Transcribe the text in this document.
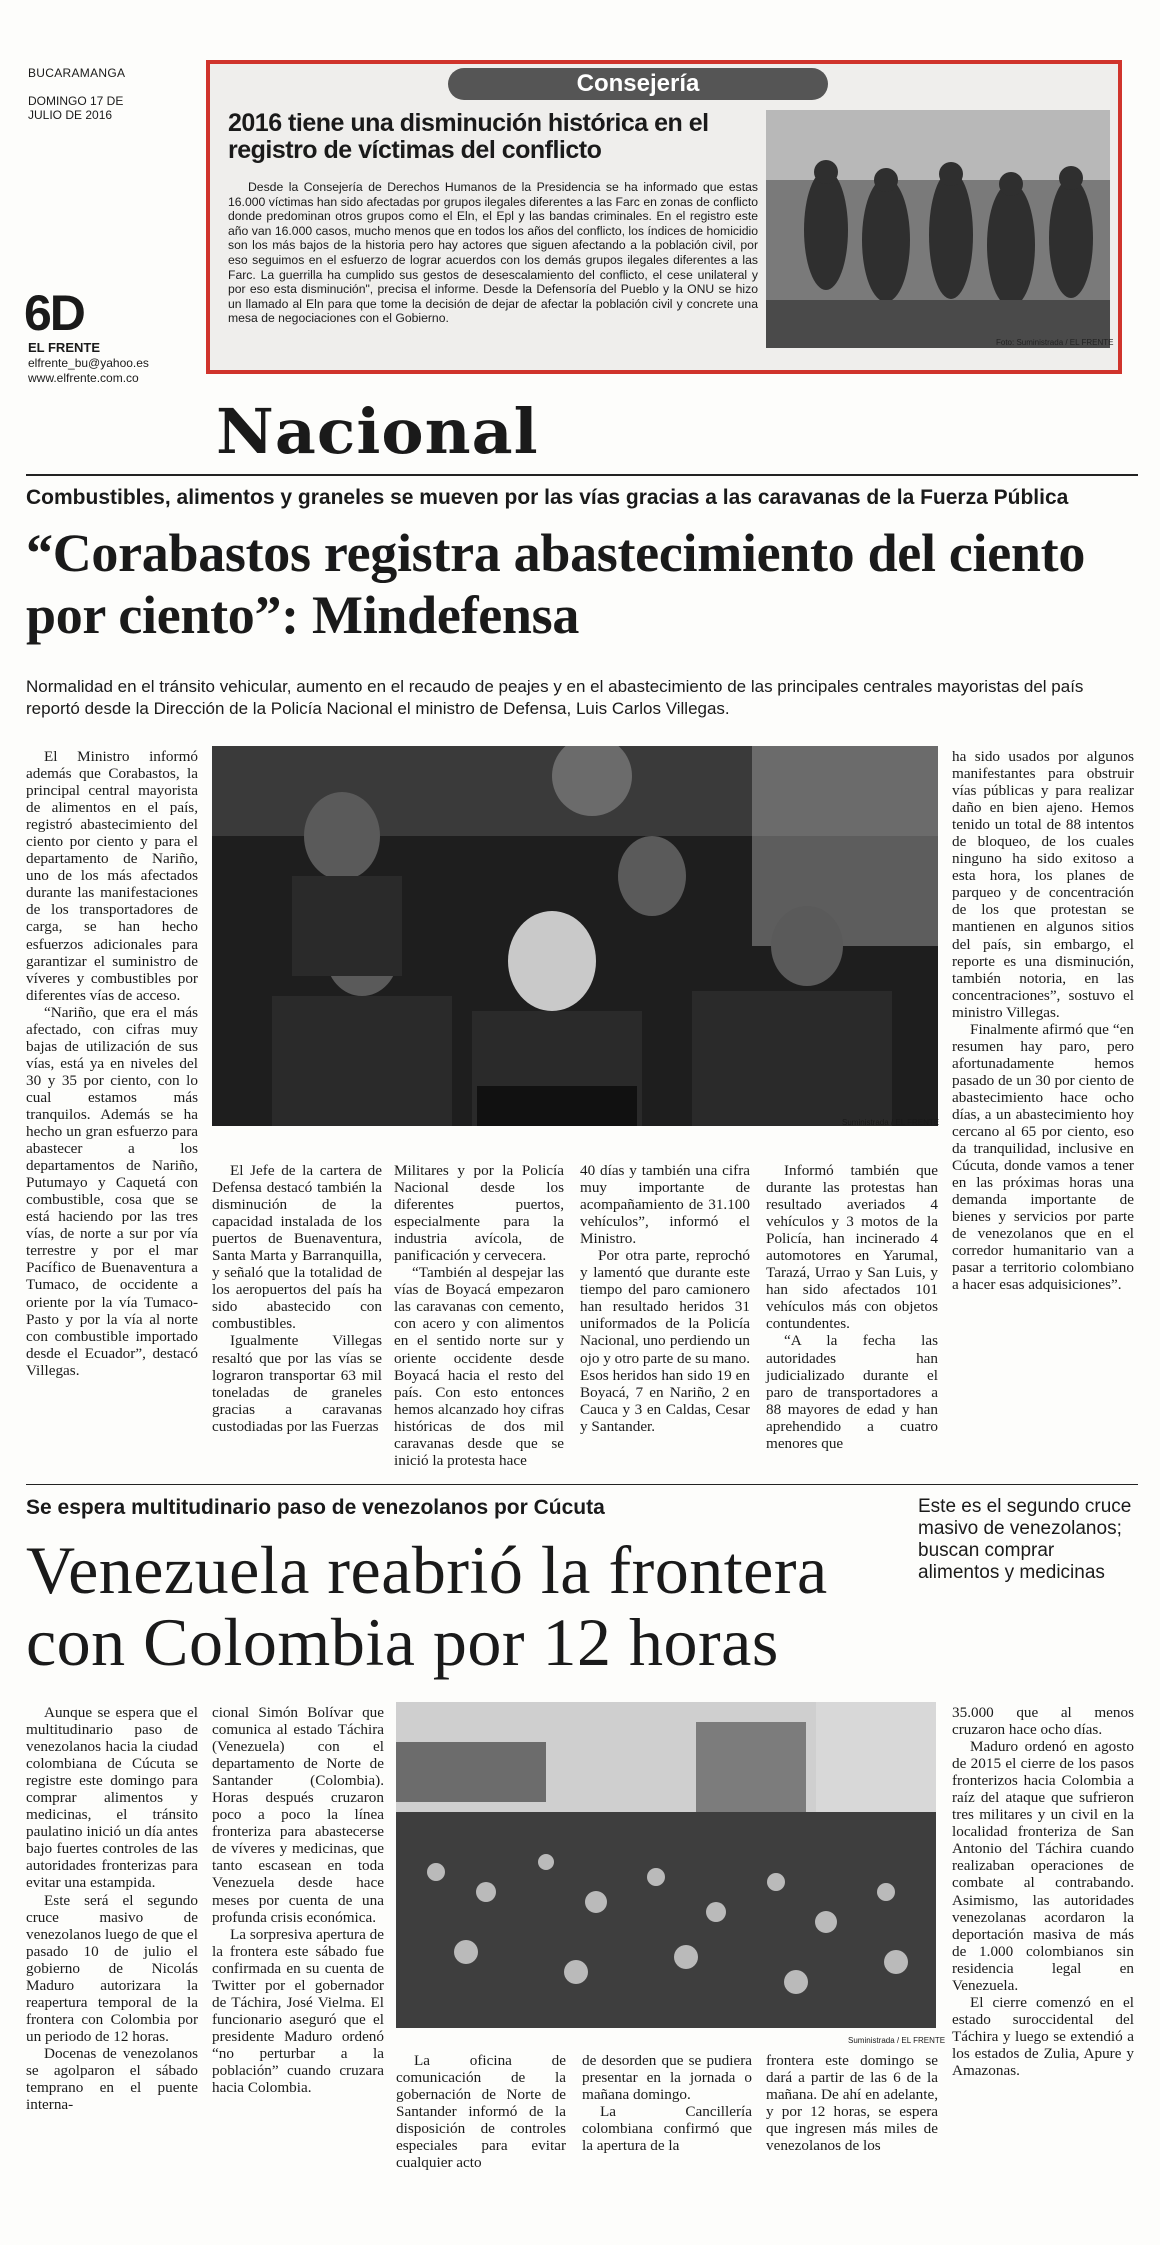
BUCARAMANGA
DOMINGO 17 DE JULIO DE 2016
6D
EL FRENTE
elfrente_bu@yahoo.es
www.elfrente.com.co
Consejería
2016 tiene una disminución histórica en el registro de víctimas del conflicto
Desde la Consejería de Derechos Humanos de la Presidencia se ha informado que estas 16.000 víctimas han sido afectadas por grupos ilegales diferentes a las Farc en zonas de conflicto donde predominan otros grupos como el Eln, el Epl y las bandas criminales. En el registro este año van 16.000 casos, mucho menos que en todos los años del conflicto, los índices de homicidio son los más bajos de la historia pero hay actores que siguen afectando a la población civil, por eso seguimos en el esfuerzo de lograr acuerdos con los demás grupos ilegales diferentes a las Farc. La guerrilla ha cumplido sus gestos de desescalamiento del conflicto, el cese unilateral y por eso esta disminución", precisa el informe. Desde la Defensoría del Pueblo y la ONU se hizo un llamado al Eln para que tome la decisión de dejar de afectar la población civil y concrete una mesa de negociaciones con el Gobierno.
Foto: Suministrada / EL FRENTE
Nacional
Combustibles, alimentos y graneles se mueven por las vías gracias a las caravanas de la Fuerza Pública
“Corabastos registra abastecimiento del ciento por ciento”: Mindefensa
Normalidad en el tránsito vehicular, aumento en el recaudo de peajes y en el abastecimiento de las principales centrales mayoristas del país reportó desde la Dirección de la Policía Nacional el ministro de Defensa, Luis Carlos Villegas.

El Ministro informó además que Corabastos, la principal central mayorista de alimentos en el país, registró abastecimiento del ciento por ciento y para el departamento de Nariño, uno de los más afectados durante las manifestaciones de los transportadores de carga, se han hecho esfuerzos adicionales para garantizar el suministro de víveres y combustibles por diferentes vías de acceso.

“Nariño, que era el más afectado, con cifras muy bajas de utilización de sus vías, está ya en niveles del 30 y 35 por ciento, con lo cual estamos más tranquilos. Además se ha hecho un gran esfuerzo para abastecer a los departamentos de Nariño, Putumayo y Caquetá con combustible, cosa que se está haciendo por las tres vías, de norte a sur por vía terrestre y por el mar Pacífico de Buenaventura a Tumaco, de occidente a oriente por la vía Tumaco-Pasto y por la vía al norte con combustible importado desde el Ecuador”, destacó Villegas.

Suministrada / EL FRENTE

ha sido usados por algunos manifestantes para obstruir vías públicas y para realizar daño en bien ajeno. Hemos tenido un total de 88 intentos de bloqueo, de los cuales ninguno ha sido exitoso a esta hora, los planes de parqueo y de concentración de los que protestan se mantienen en algunos sitios del país, sin embargo, el reporte es una disminución, también notoria, en las concentraciones”, sostuvo el ministro Villegas.

Finalmente afirmó que “en resumen hay paro, pero afortunadamente hemos pasado de un 30 por ciento de abastecimiento hace ocho días, a un abastecimiento hoy cercano al 65 por ciento, eso da tranquilidad, inclusive en Cúcuta, donde vamos a tener en las próximas horas una demanda importante de bienes y servicios por parte de venezolanos que en el corredor humanitario van a pasar a territorio colombiano a hacer esas adquisiciones”.

El Jefe de la cartera de Defensa destacó también la disminución de la capacidad instalada de los puertos de Buenaventura, Santa Marta y Barranquilla, y señaló que la totalidad de los aeropuertos del país ha sido abastecido con combustibles.

Igualmente Villegas resaltó que por las vías se lograron transportar 63 mil toneladas de graneles gracias a caravanas custodiadas por las Fuerzas

Militares y por la Policía Nacional desde los diferentes puertos, especialmente para la industria avícola, de panificación y cervecera.

“También al despejar las vías de Boyacá empezaron las caravanas con cemento, con acero y con alimentos en el sentido norte sur y oriente occidente desde Boyacá hacia el resto del país. Con esto entonces hemos alcanzado hoy cifras históricas de dos mil caravanas desde que se inició la protesta hace

40 días y también una cifra muy importante de acompañamiento de 31.100 vehículos”, informó el Ministro.

Por otra parte, reprochó y lamentó que durante este tiempo del paro camionero han resultado heridos 31 uniformados de la Policía Nacional, uno perdiendo un ojo y otro parte de su mano. Esos heridos han sido 19 en Boyacá, 7 en Nariño, 2 en Cauca y 3 en Caldas, Cesar y Santander.

Informó también que durante las protestas han resultado averiados 4 vehículos y 3 motos de la Policía, han incinerado 4 automotores en Yarumal, Tarazá, Urrao y San Luis, y han sido afectados 101 vehículos más con objetos contundentes.

“A la fecha las autoridades han judicializado durante el paro de transportadores a 88 mayores de edad y han aprehendido a cuatro menores que

Se espera multitudinario paso de venezolanos por Cúcuta
Venezuela reabrió la frontera con Colombia por 12 horas
Este es el segundo cruce masivo de venezolanos; buscan comprar alimentos y medicinas

Aunque se espera que el multitudinario paso de venezolanos hacia la ciudad colombiana de Cúcuta se registre este domingo para comprar alimentos y medicinas, el tránsito paulatino inició un día antes bajo fuertes controles de las autoridades fronterizas para evitar una estampida.

Este será el segundo cruce masivo de venezolanos luego de que el pasado 10 de julio el gobierno de Nicolás Maduro autorizara la reapertura temporal de la frontera con Colombia por un periodo de 12 horas.

Docenas de venezolanos se agolparon el sábado temprano en el puente interna-

cional Simón Bolívar que comunica al estado Táchira (Venezuela) con el departamento de Norte de Santander (Colombia). Horas después cruzaron poco a poco la línea fronteriza para abastecerse de víveres y medicinas, que tanto escasean en toda Venezuela desde hace meses por cuenta de una profunda crisis económica.

La sorpresiva apertura de la frontera este sábado fue confirmada en su cuenta de Twitter por el gobernador de Táchira, José Vielma. El funcionario aseguró que el presidente Maduro ordenó “no perturbar a la población” cuando cruzara hacia Colombia.

Suministrada / EL FRENTE

La oficina de comunicación de la gobernación de Norte de Santander informó de la disposición de controles especiales para evitar cualquier acto

de desorden que se pudiera presentar en la jornada o mañana domingo.

La Cancillería colombiana confirmó que la apertura de la

frontera este domingo se dará a partir de las 6 de la mañana. De ahí en adelante, y por 12 horas, se espera que ingresen más miles de venezolanos de los

35.000 que al menos cruzaron hace ocho días.

Maduro ordenó en agosto de 2015 el cierre de los pasos fronterizos hacia Colombia a raíz del ataque que sufrieron tres militares y un civil en la localidad fronteriza de San Antonio del Táchira cuando realizaban operaciones de combate al contrabando. Asimismo, las autoridades venezolanas acordaron la deportación masiva de más de 1.000 colombianos sin residencia legal en Venezuela.

El cierre comenzó en el estado suroccidental del Táchira y luego se extendió a los estados de Zulia, Apure y Amazonas.
